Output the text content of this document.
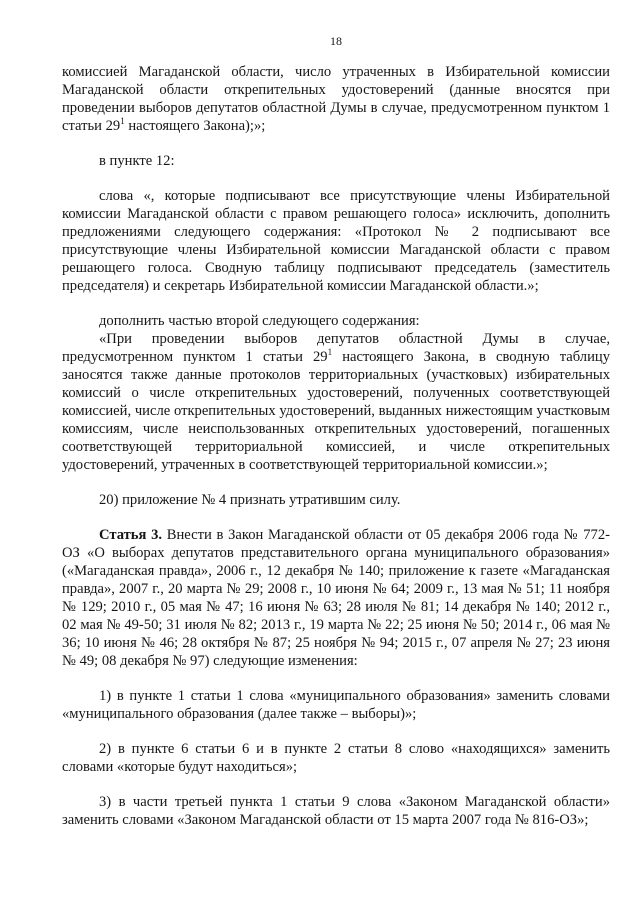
18

комиссией Магаданской области, число утраченных в Избирательной комиссии Магаданской области открепительных удостоверений (данные вносятся при проведении выборов депутатов областной Думы в случае, предусмотренном пунктом 1 статьи $29^1$ настоящего Закона);»;

в пункте 12:

слова «, которые подписывают все присутствующие члены Избирательной комиссии Магаданской области с правом решающего голоса» исключить, дополнить предложениями следующего содержания: «Протокол № 2 подписывают все присутствующие члены Избирательной комиссии Магаданской области с правом решающего голоса. Сводную таблицу подписывают председатель (заместитель председателя) и секретарь Избирательной комиссии Магаданской области.»;

дополнить частью второй следующего содержания:

«При проведении выборов депутатов областной Думы в случае, предусмотренном пунктом 1 статьи $29^1$ настоящего Закона, в сводную таблицу заносятся также данные протоколов территориальных (участковых) избирательных комиссий о числе открепительных удостоверений, полученных соответствующей комиссией, числе открепительных удостоверений, выданных нижестоящим участковым комиссиям, числе неиспользованных открепительных удостоверений, погашенных соответствующей территориальной комиссией, и числе открепительных удостоверений, утраченных в соответствующей территориальной комиссии.»;

20) приложение № 4 признать утратившим силу.

Статья 3. Внести в Закон Магаданской области от 05 декабря 2006 года № 772-ОЗ «О выборах депутатов представительного органа муниципального образования» («Магаданская правда», 2006 г., 12 декабря № 140; приложение к газете «Магаданская правда», 2007 г., 20 марта № 29; 2008 г., 10 июня № 64; 2009 г., 13 мая № 51; 11 ноября № 129; 2010 г., 05 мая № 47; 16 июня № 63; 28 июля № 81; 14 декабря № 140; 2012 г., 02 мая № 49-50; 31 июля № 82; 2013 г., 19 марта № 22; 25 июня № 50; 2014 г., 06 мая № 36; 10 июня № 46; 28 октября № 87; 25 ноября № 94; 2015 г., 07 апреля № 27; 23 июня № 49; 08 декабря № 97) следующие изменения:

1) в пункте 1 статьи 1 слова «муниципального образования» заменить словами «муниципального образования (далее также – выборы)»;

2) в пункте 6 статьи 6 и в пункте 2 статьи 8 слово «находящихся» заменить словами «которые будут находиться»;

3) в части третьей пункта 1 статьи 9 слова «Законом Магаданской области» заменить словами «Законом Магаданской области от 15 марта 2007 года № 816-ОЗ»;
